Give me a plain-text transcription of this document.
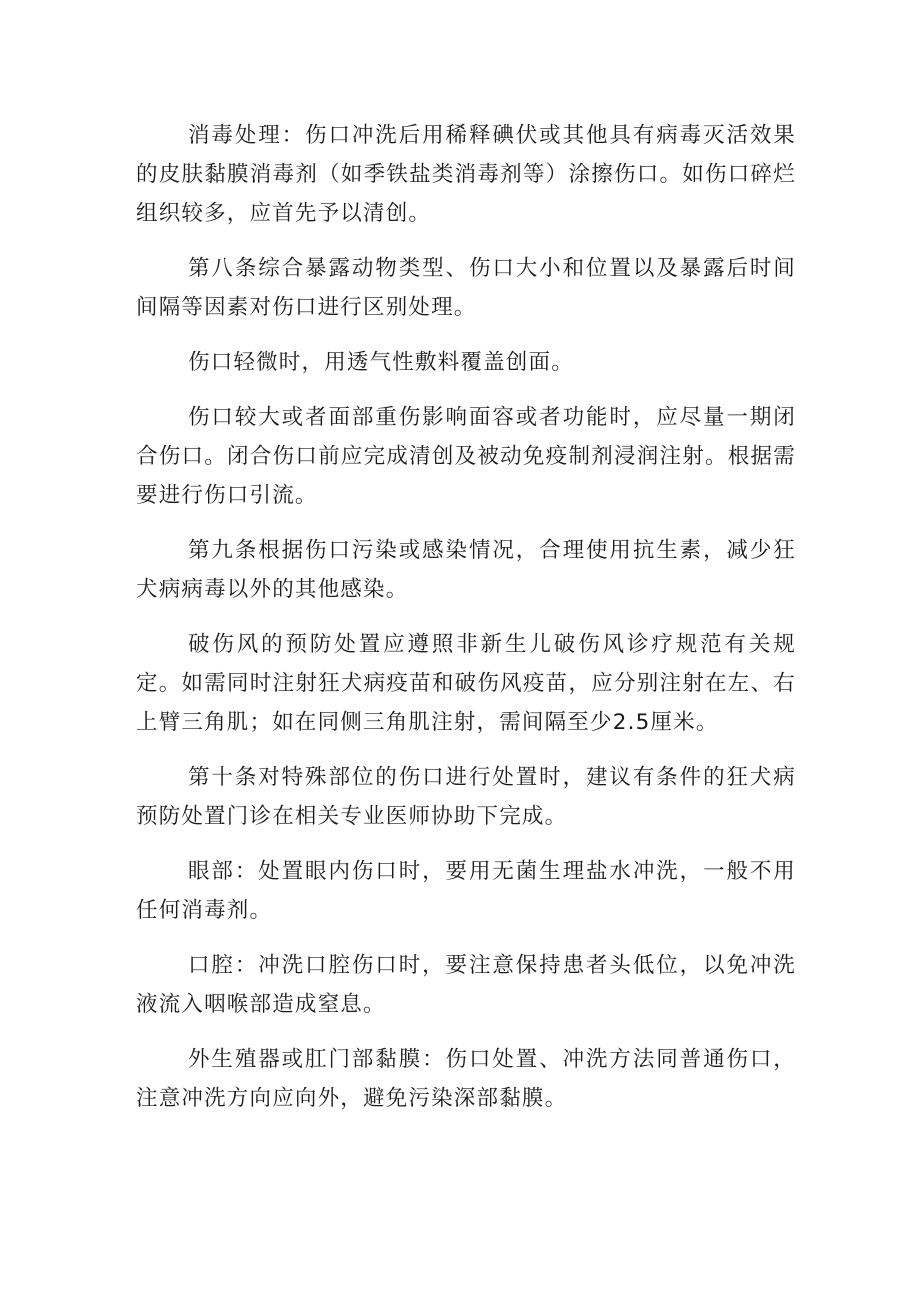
消毒处理：伤口冲洗后用稀释碘伏或其他具有病毒灭活效果的皮肤黏膜消毒剂（如季铁盐类消毒剂等）涂擦伤口。如伤口碎烂组织较多，应首先予以清创。

第八条综合暴露动物类型、伤口大小和位置以及暴露后时间间隔等因素对伤口进行区别处理。

伤口轻微时，用透气性敷料覆盖创面。

伤口较大或者面部重伤影响面容或者功能时，应尽量一期闭合伤口。闭合伤口前应完成清创及被动免疫制剂浸润注射。根据需要进行伤口引流。

第九条根据伤口污染或感染情况，合理使用抗生素，减少狂犬病病毒以外的其他感染。

破伤风的预防处置应遵照非新生儿破伤风诊疗规范有关规定。如需同时注射狂犬病疫苗和破伤风疫苗，应分别注射在左、右上臂三角肌；如在同侧三角肌注射，需间隔至少2.5厘米。

第十条对特殊部位的伤口进行处置时，建议有条件的狂犬病预防处置门诊在相关专业医师协助下完成。

眼部：处置眼内伤口时，要用无菌生理盐水冲洗，一般不用任何消毒剂。

口腔：冲洗口腔伤口时，要注意保持患者头低位，以免冲洗液流入咽喉部造成窒息。

外生殖器或肛门部黏膜：伤口处置、冲洗方法同普通伤口，注意冲洗方向应向外，避免污染深部黏膜。
